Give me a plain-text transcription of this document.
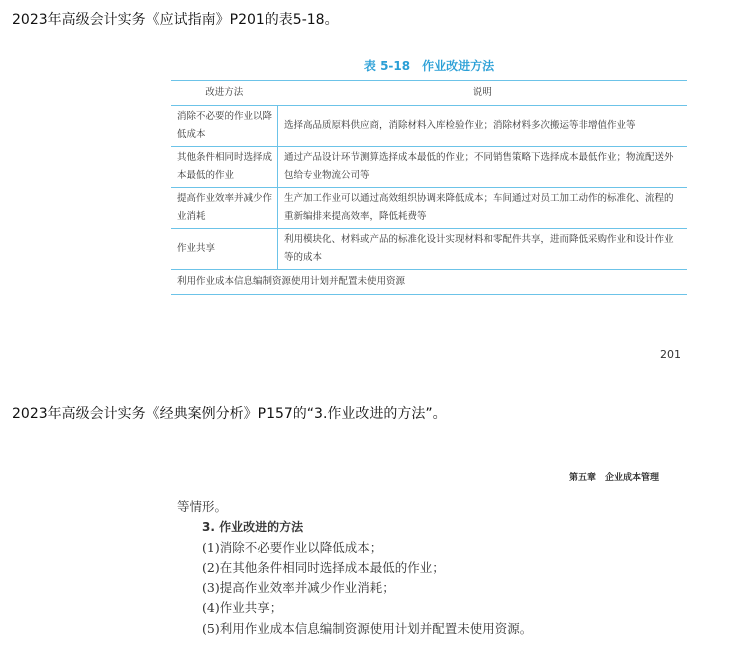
2023年高级会计实务《应试指南》P201的表5-18。
表 5-18　作业改进方法
改进方法	说明
消除不必要的作业以降低成本	选择高品质原料供应商，消除材料入库检验作业；消除材料多次搬运等非增值作业等
其他条件相同时选择成本最低的作业	通过产品设计环节测算选择成本最低的作业；不同销售策略下选择成本最低作业；物流配送外包给专业物流公司等
提高作业效率并减少作业消耗	生产加工作业可以通过高效组织协调来降低成本；车间通过对员工加工动作的标准化、流程的重新编排来提高效率，降低耗费等
作业共享	利用模块化、材料或产品的标准化设计实现材料和零配件共享，进而降低采购作业和设计作业等的成本
利用作业成本信息编制资源使用计划并配置未使用资源	
201
2023年高级会计实务《经典案例分析》P157的“3.作业改进的方法”。
第五章　企业成本管理
等情形。
3. 作业改进的方法
(1)消除不必要作业以降低成本；
(2)在其他条件相同时选择成本最低的作业；
(3)提高作业效率并减少作业消耗；
(4)作业共享；
(5)利用作业成本信息编制资源使用计划并配置未使用资源。
